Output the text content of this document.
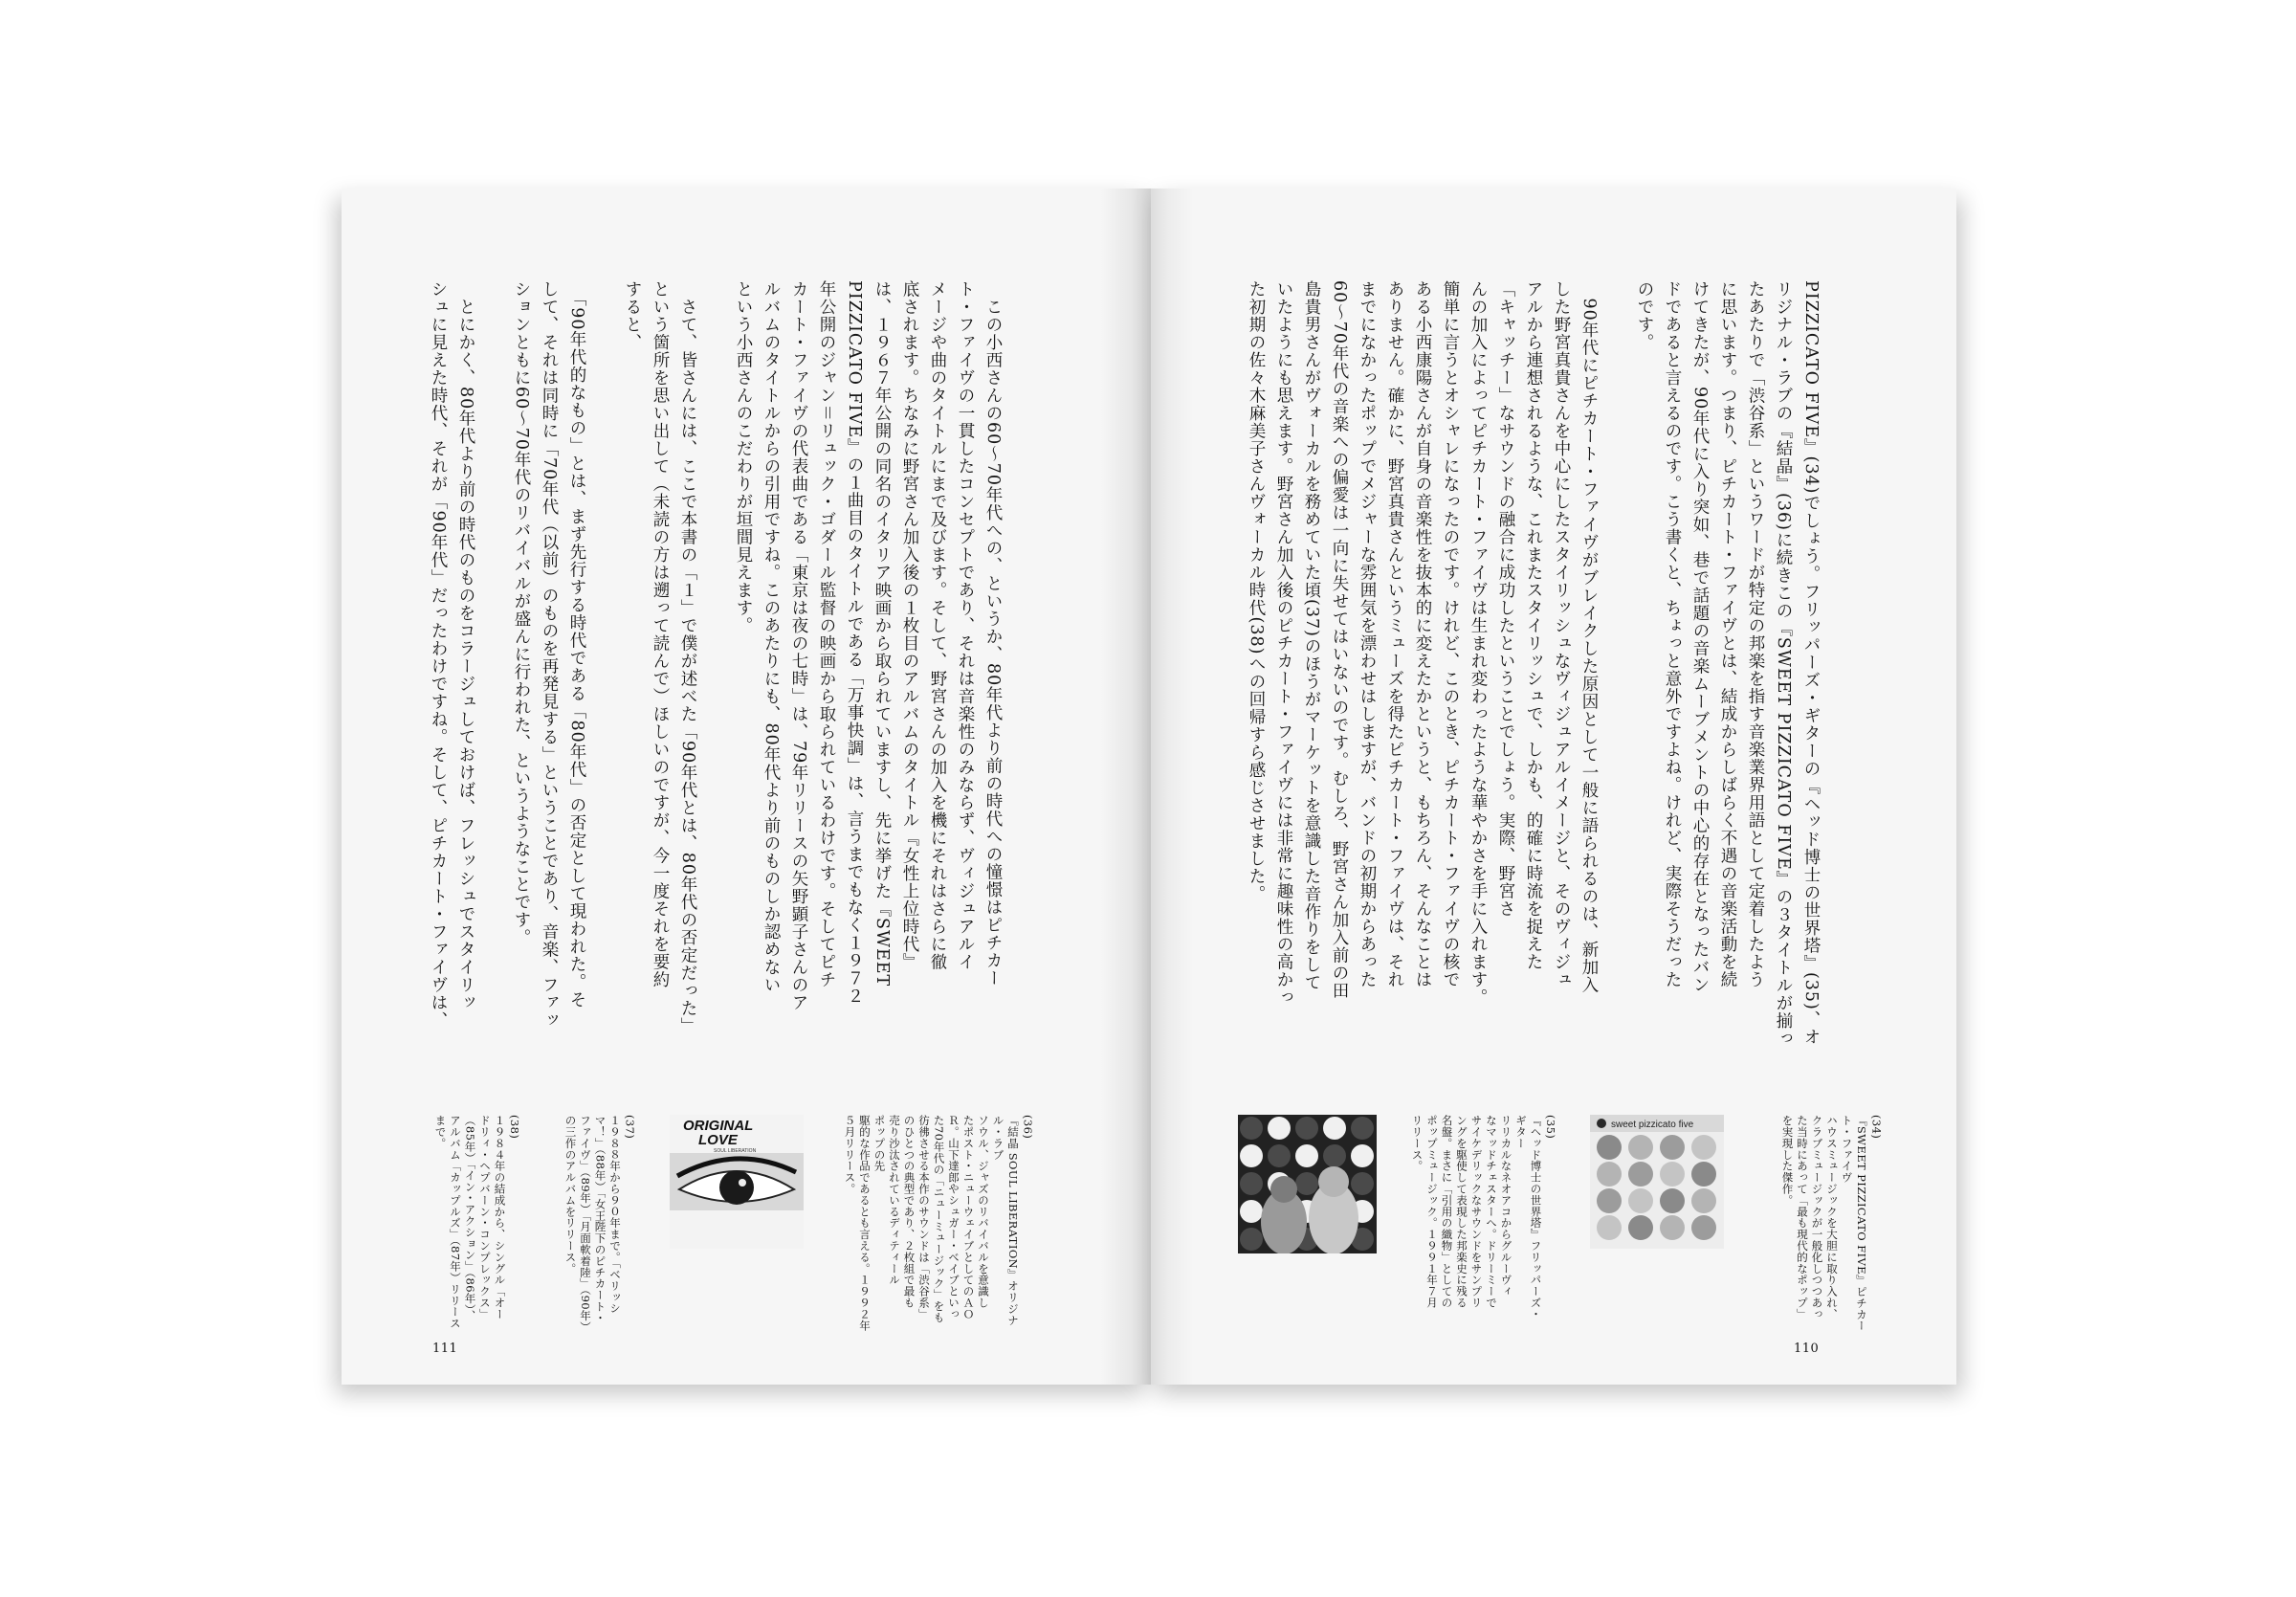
PIZZICATO FIVE』(34)でしょう。フリッパーズ・ギターの『ヘッド博士の世界塔』(35)、オ
リジナル・ラブの『結晶』(36)に続きこの『SWEET PIZZICATO
たあたりで「渋谷系」というワードが特定の邦楽を指す音楽業界用語として定着したよう
に思います。つまり、ピチカート・ファイヴとは、結成からしばらく不遇の音楽活動を続
けてきたが、90年代に入り突如、巷で話題の音楽ムーブメントの中心的存在となったバン
ドであると言えるのです。こう書くと、ちょっと意外ですよね。けれど、実際そうだった
のです。

　90年代にピチカート・ファイヴがブレイクした原因として一般に語られるのは、新加入
した野宮真貴さんを中心にしたスタイリッシュなヴィジュアルイメージと、そのヴィジュ
アルから連想されるような、これまたスタイリッシュで、しかも、的確に時流を捉えた
「キャッチー」なサウンドの融合に成功したということでしょう。実際、野宮さ
んの加入によってピチカート・ファイヴは生まれ変わったような華やかさを手に入れます。
簡単に言うとオシャレになったのです。けれど、このとき、ピチカート・ファイヴの核で
ある小西康陽さんが自身の音楽性を抜本的に変えたかというと、もちろん、そんなことは
ありません。確かに、野宮真貴さんというミューズを得たピチカート・ファイヴは、それ
までになかったポップでメジャーな雰囲気を漂わせはしますが、バンドの初期からあった
60〜70年代の音楽への偏愛は一向に失せてはいないのです。むしろ、野宮さん加入前の田
島貴男さんがヴォーカルを務めていた頃(37)のほうがマーケットを意識した音作りをして
いたようにも思えます。野宮さん加入後のピチカート・ファイヴには非常に趣味性の高かっ
た初期の佐々木麻美子さんヴォーカル時代(38)への回帰すら感じさせました。

(34)
『SWEET PIZZICATO FIVE』ピチカー
ト・ファイヴ
ハウスミュージックを大胆に取り入れ、
クラブミュージックが一般化しつつあっ
た当時にあって「最も現代的なポップ」
を実現した傑作。

sweet pizzicato five

(35)
『ヘッド博士の世界塔』フリッパーズ・
ギター
リリカルなネオアコからグルーヴィ
なマッドチェスターへ。ドリーミーで
サイケデリックなサウンドをサンプリ
ングを駆使して表現した邦楽史に残る
名盤。まさに「引用の織物」としての
ポップミュージック。１９９１年７月
リリース。

110

　この小西さんの60〜70年代への、というか、80年代より前の時代への憧憬はピチカー
ト・ファイヴの一貫したコンセプトであり、それは音楽性のみならず、ヴィジュアルイ
メージや曲のタイトルにまで及びます。そして、野宮さんの加入を機にそれはさらに徹
底されます。ちなみに野宮さん加入後の１枚目のアルバムのタイトル『女性上位時代』
は、１９６７年公開の同名のイタリア映画から取られていますし、先に挙げた『SWEET
PIZZICATO FIVE』の１曲目のタイトルである「万事快調」は、言うまでもなく１９７２
年公開のジャン＝リュック・ゴダール監督の映画から取られているわけです。そしてピチ
カート・ファイヴの代表曲である「東京は夜の七時」は、79年リリースの矢野顕子さんのア
ルバムのタイトルからの引用ですね。このあたりにも、80年代より前のものしか認めない
という小西さんのこだわりが垣間見えます。

　さて、皆さんには、ここで本書の「１」で僕が述べた「90年代とは、80年代の否定だった」
という箇所を思い出して（未読の方は遡って読んで）ほしいのですが、今一度それを要約
すると、

　「90年代的なもの」とは、まず先行する時代である「80年代」の否定として現われた。そ
して、それは同時に「70年代（以前）のものを再発見する」ということであり、音楽、ファッ
ションともに60〜70年代のリバイバルが盛んに行われた、というようなことです。

　とにかく、80年代より前の時代のものをコラージュしておけば、フレッシュでスタイリッ
シュに見えた時代、それが「90年代」だったわけですね。そして、ピチカート・ファイヴは、

(36)
『結晶 SOUL LIBERATION』オリジナ
ル・ラブ
ソウル、ジャズのリバイバルを意識し
たポスト・ニューウェイブとしてのＡＯ
Ｒ。山下達郎やシュガー・ベイブといっ
た70年代の「ニューミュージック」をも
彷彿させる本作のサウンドは「渋谷系」
のひとつの典型であり、２枚組で最も
売り沙汰されているディティール
ポップの先
駆的な作品であるとも言える。１９９２年
５月リリース。

ORIGINAL
LOVE
SOUL LIBERATION

(37)
１９８８年から９０年まで。「ベリッシ
マ！」（88年）「女王陛下のピチカート・
ファイヴ」（89年）「月面軟着陸」（90年）
の三作のアルバムをリリース。

(38)
１９８４年の結成から、シングル「オー
ドリィ・ヘプバーン・コンプレックス」
（85年）「イン・アクション」（86年）、
アルバム「カップルズ」（87年）リリース
まで。

111
